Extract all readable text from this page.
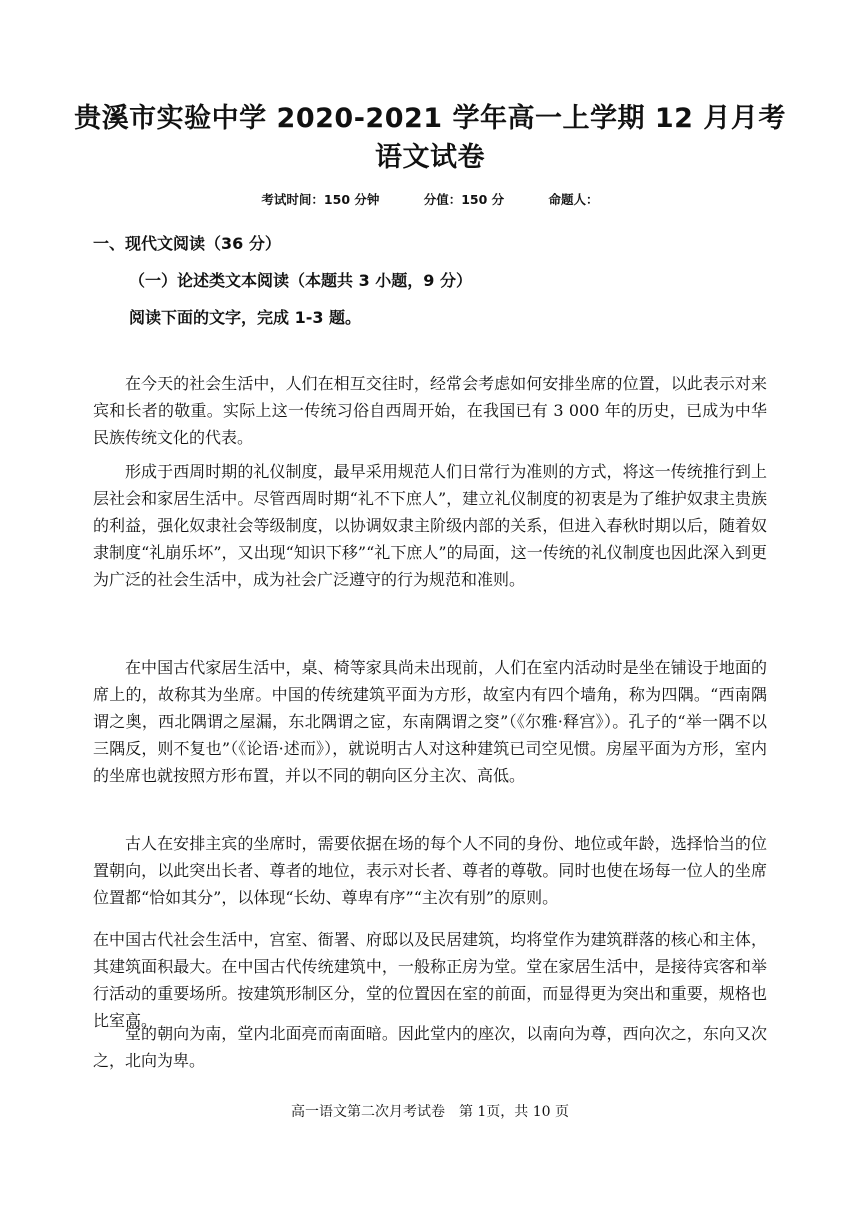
贵溪市实验中学 2020-2021 学年高一上学期 12 月月考
语文试卷
考试时间：150 分钟	分值：150 分	命题人：
一、现代文阅读（36 分）
（一）论述类文本阅读（本题共 3 小题，9 分）
阅读下面的文字，完成 1-3 题。
在今天的社会生活中，人们在相互交往时，经常会考虑如何安排坐席的位置，以此表示对来宾和长者的敬重。实际上这一传统习俗自西周开始，在我国已有 3 000 年的历史，已成为中华民族传统文化的代表。
形成于西周时期的礼仪制度，最早采用规范人们日常行为准则的方式，将这一传统推行到上层社会和家居生活中。尽管西周时期“礼不下庶人”，建立礼仪制度的初衷是为了维护奴隶主贵族的利益，强化奴隶社会等级制度，以协调奴隶主阶级内部的关系，但进入春秋时期以后，随着奴隶制度“礼崩乐坏”，又出现“知识下移”“礼下庶人”的局面，这一传统的礼仪制度也因此深入到更为广泛的社会生活中，成为社会广泛遵守的行为规范和准则。
在中国古代家居生活中，桌、椅等家具尚未出现前，人们在室内活动时是坐在铺设于地面的席上的，故称其为坐席。中国的传统建筑平面为方形，故室内有四个墙角，称为四隅。“西南隅谓之奥，西北隅谓之屋漏，东北隅谓之宧，东南隅谓之窔”（《尔雅·释宫》）。孔子的“举一隅不以三隅反，则不复也”（《论语·述而》），就说明古人对这种建筑已司空见惯。房屋平面为方形，室内的坐席也就按照方形布置，并以不同的朝向区分主次、高低。
古人在安排主宾的坐席时，需要依据在场的每个人不同的身份、地位或年龄，选择恰当的位置朝向，以此突出长者、尊者的地位，表示对长者、尊者的尊敬。同时也使在场每一位人的坐席位置都“恰如其分”，以体现“长幼、尊卑有序”“主次有别”的原则。
在中国古代社会生活中，宫室、衙署、府邸以及民居建筑，均将堂作为建筑群落的核心和主体，其建筑面积最大。在中国古代传统建筑中，一般称正房为堂。堂在家居生活中，是接待宾客和举行活动的重要场所。按建筑形制区分，堂的位置因在室的前面，而显得更为突出和重要，规格也比室高。
堂的朝向为南，堂内北面亮而南面暗。因此堂内的座次，以南向为尊，西向次之，东向又次之，北向为卑。
高一语文第二次月考试卷　第 1页，共 10 页
